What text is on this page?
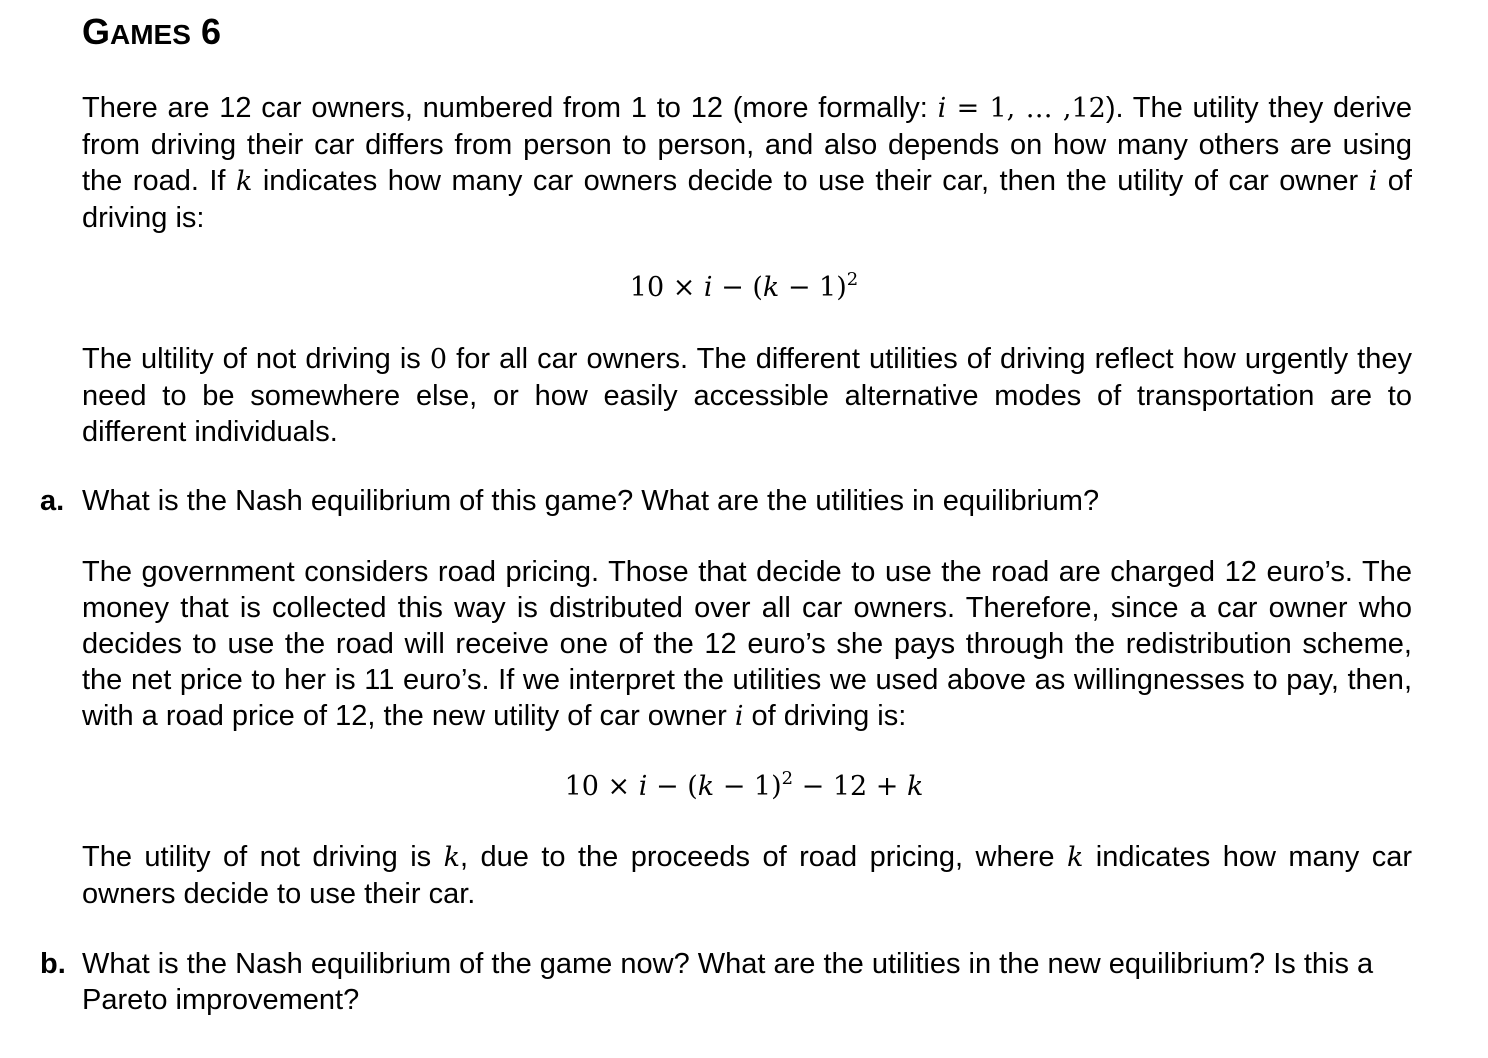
GAMES 6
There are 12 car owners, numbered from 1 to 12 (more formally: i = 1, … ,12). The utility they derive from driving their car differs from person to person, and also depends on how many others are using the road. If k indicates how many car owners decide to use their car, then the utility of car owner i of driving is:
$10 \times i - (k - 1)^2$
The ultility of not driving is 0 for all car owners. The different utilities of driving reflect how urgently they need to be somewhere else, or how easily accessible alternative modes of transportation are to different individuals.
a. What is the Nash equilibrium of this game? What are the utilities in equilibrium?
The government considers road pricing. Those that decide to use the road are charged 12 euro’s. The money that is collected this way is distributed over all car owners. Therefore, since a car owner who decides to use the road will receive one of the 12 euro’s she pays through the redistribution scheme, the net price to her is 11 euro’s. If we interpret the utilities we used above as willingnesses to pay, then, with a road price of 12, the new utility of car owner i of driving is:
$10 \times i - (k - 1)^2 - 12 + k$
The utility of not driving is k, due to the proceeds of road pricing, where k indicates how many car owners decide to use their car.
b. What is the Nash equilibrium of the game now? What are the utilities in the new equilibrium? Is this a Pareto improvement?
